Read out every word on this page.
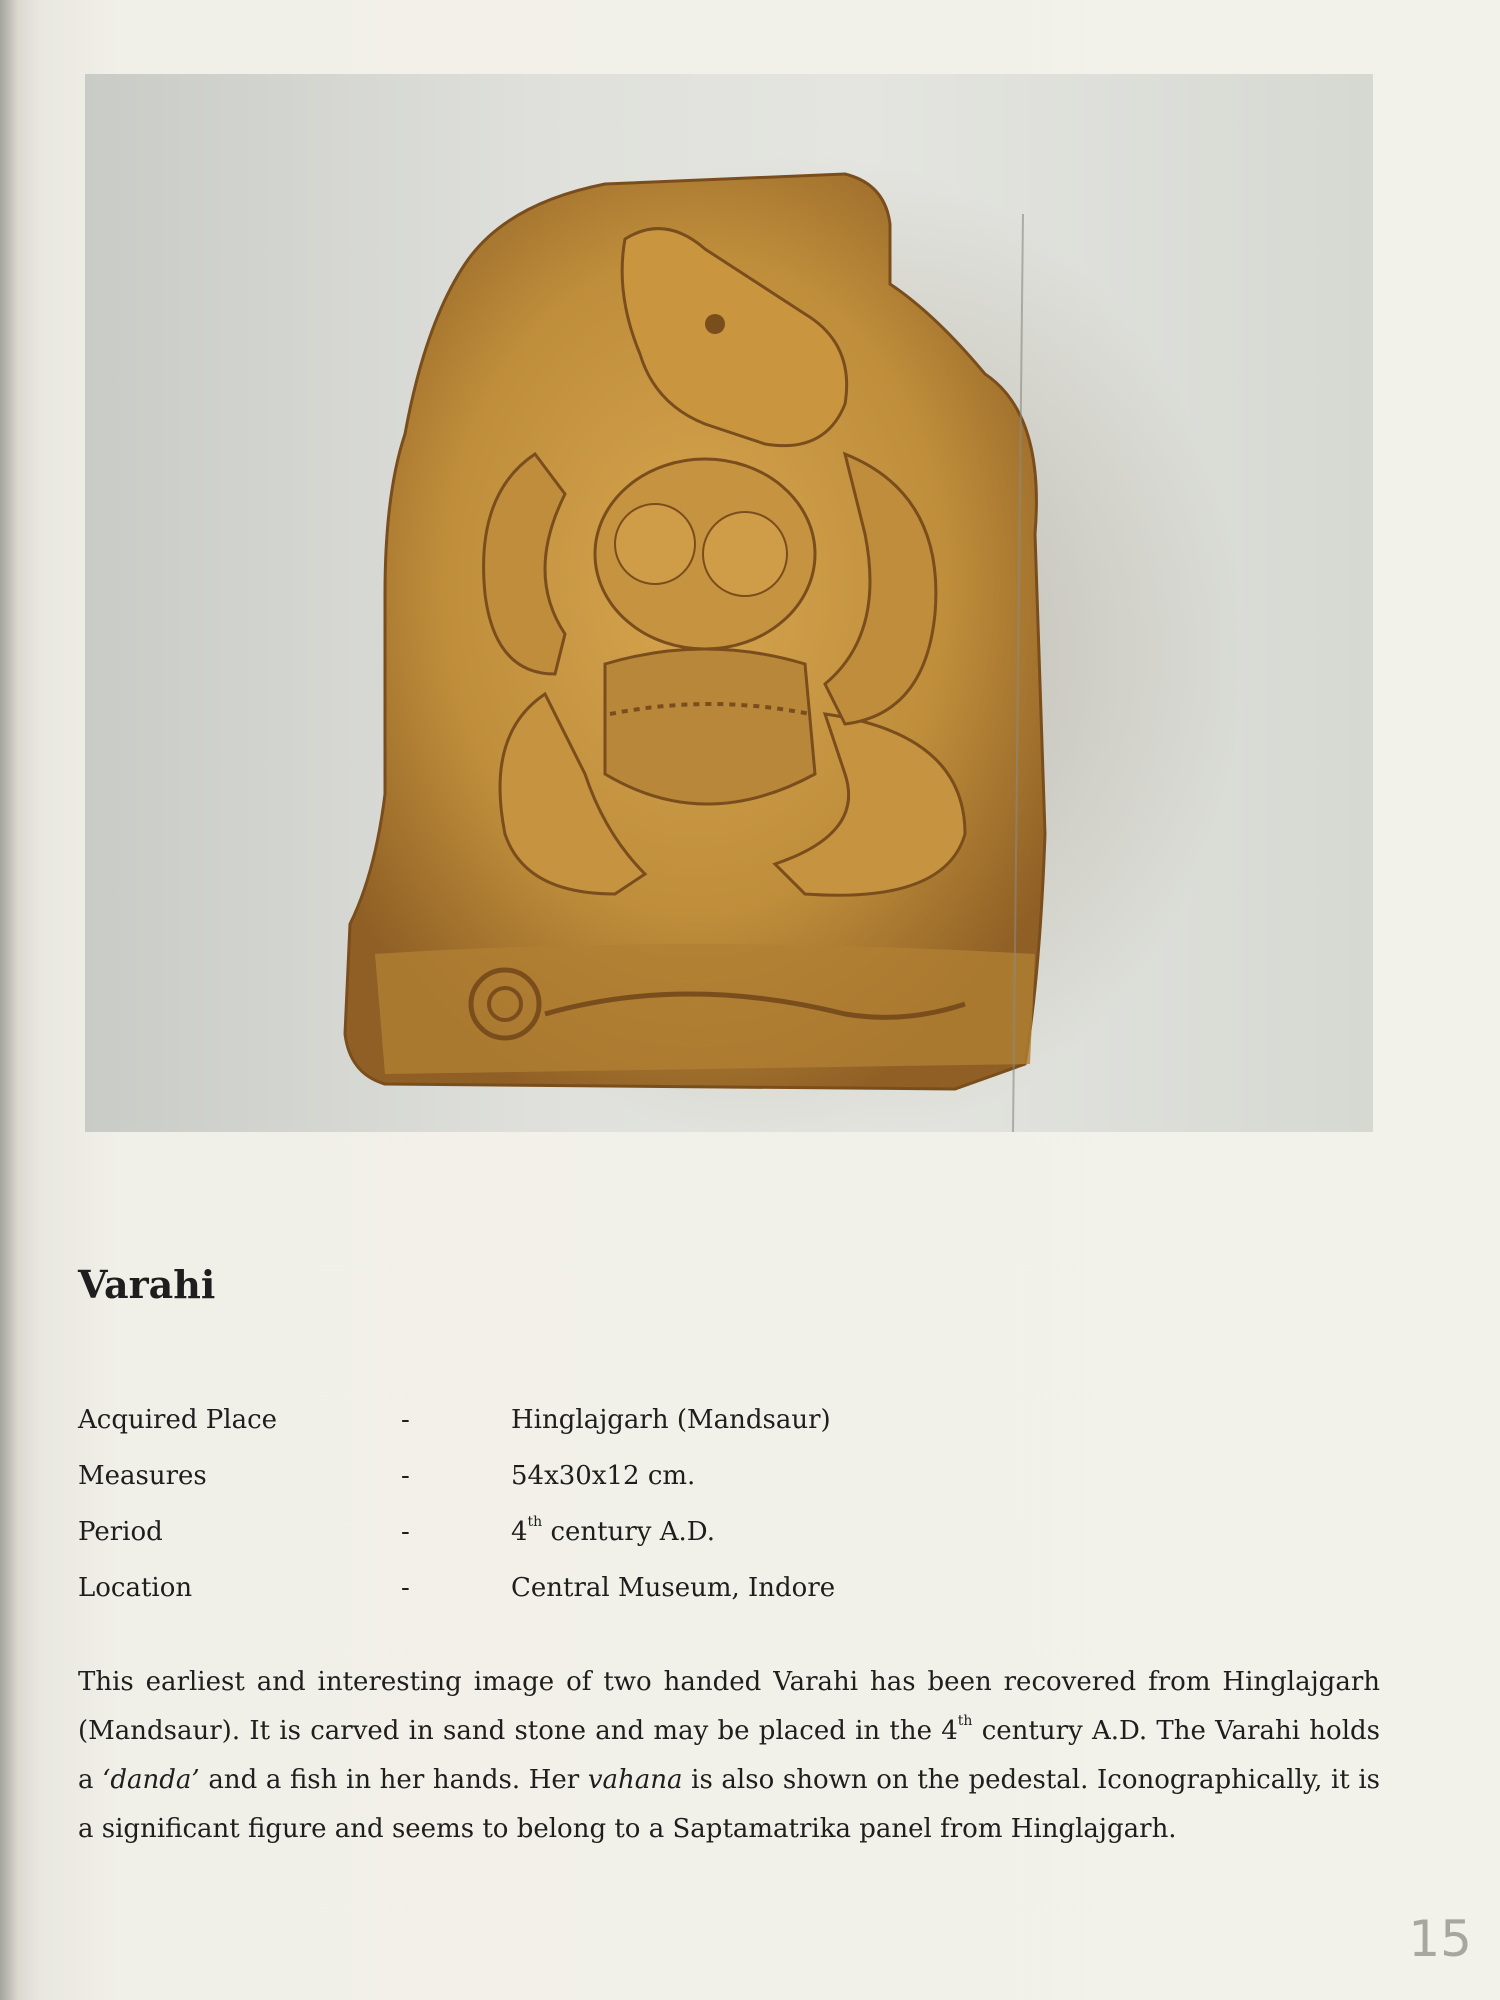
Varahi
Acquired Place	-	Hinglajgarh (Mandsaur)
Measures	-	54x30x12 cm.
Period	-	4th century A.D.
Location	-	Central Museum, Indore

This earliest and interesting image of two handed Varahi has been recovered from Hinglajgarh (Mandsaur). It is carved in sand stone and may be placed in the 4th century A.D. The Varahi holds a ‘danda’ and a fish in her hands. Her vahana is also shown on the pedestal. Iconographically, it is a significant figure and seems to belong to a Saptamatrika panel from Hinglajgarh.

15
